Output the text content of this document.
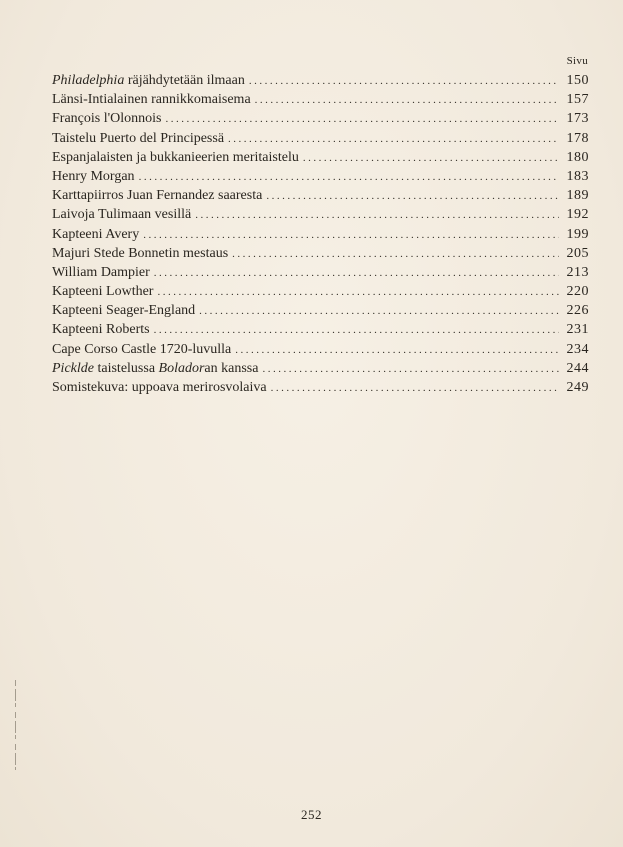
Sivu
Philadelphia räjähdytetään ilmaan .....	150
Länsi-Intialainen rannikkomaisema .....	157
François l'Olonnois .....	173
Taistelu Puerto del Principessä .....	178
Espanjalaisten ja bukkanieerien meritaistelu .....	180
Henry Morgan .....	183
Karttapiirros Juan Fernandez saaresta .....	189
Laivoja Tulimaan vesillä .....	192
Kapteeni Avery .....	199
Majuri Stede Bonnetin mestaus .....	205
William Dampier .....	213
Kapteeni Lowther .....	220
Kapteeni Seager-England .....	226
Kapteeni Roberts .....	231
Cape Corso Castle 1720-luvulla .....	234
Picklde taistelussa Boladoran kanssa .....	244
Somistekuva: uppoava merirosvolaiva .....	249
252
